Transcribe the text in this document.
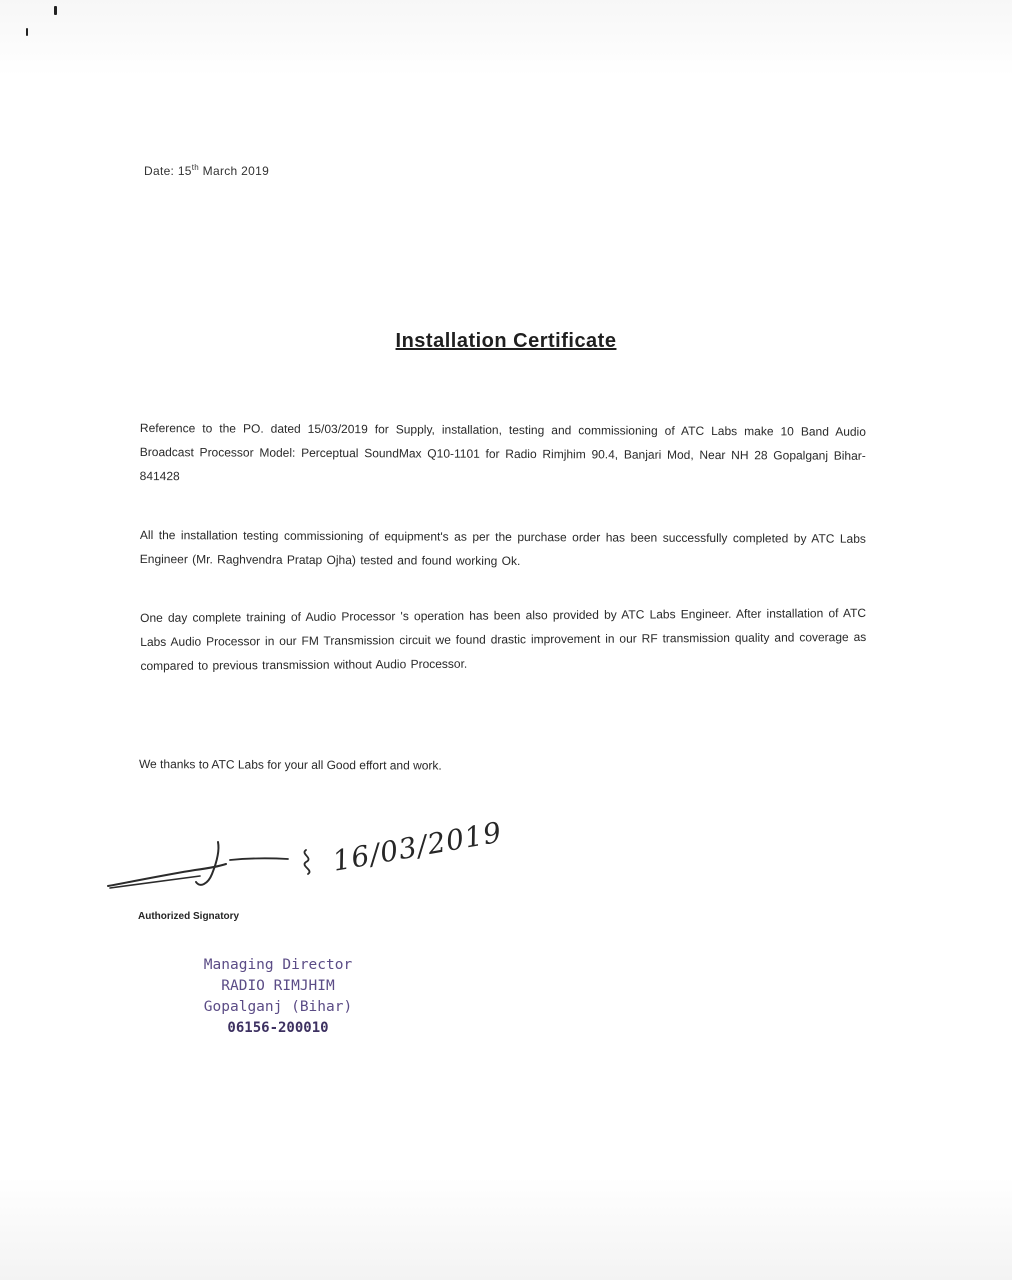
Date: 15th March 2019
Installation Certificate
Reference to the PO. dated 15/03/2019 for Supply, installation, testing and commissioning of ATC Labs make 10 Band Audio Broadcast Processor Model: Perceptual SoundMax Q10-1101 for Radio Rimjhim 90.4, Banjari Mod, Near NH 28 Gopalganj Bihar- 841428
All the installation testing commissioning of equipment's as per the purchase order has been successfully completed by ATC Labs Engineer (Mr. Raghvendra Pratap Ojha) tested and found working Ok.
One day complete training of Audio Processor 's operation has been also provided by ATC Labs Engineer. After installation of ATC Labs Audio Processor in our FM Transmission circuit we found drastic improvement in our RF transmission quality and coverage as compared to previous transmission without Audio Processor.
We thanks to ATC Labs for your all Good effort and work.
16/03/2019
Authorized Signatory
Managing Director
RADIO RIMJHIM
Gopalganj (Bihar)
06156-200010
